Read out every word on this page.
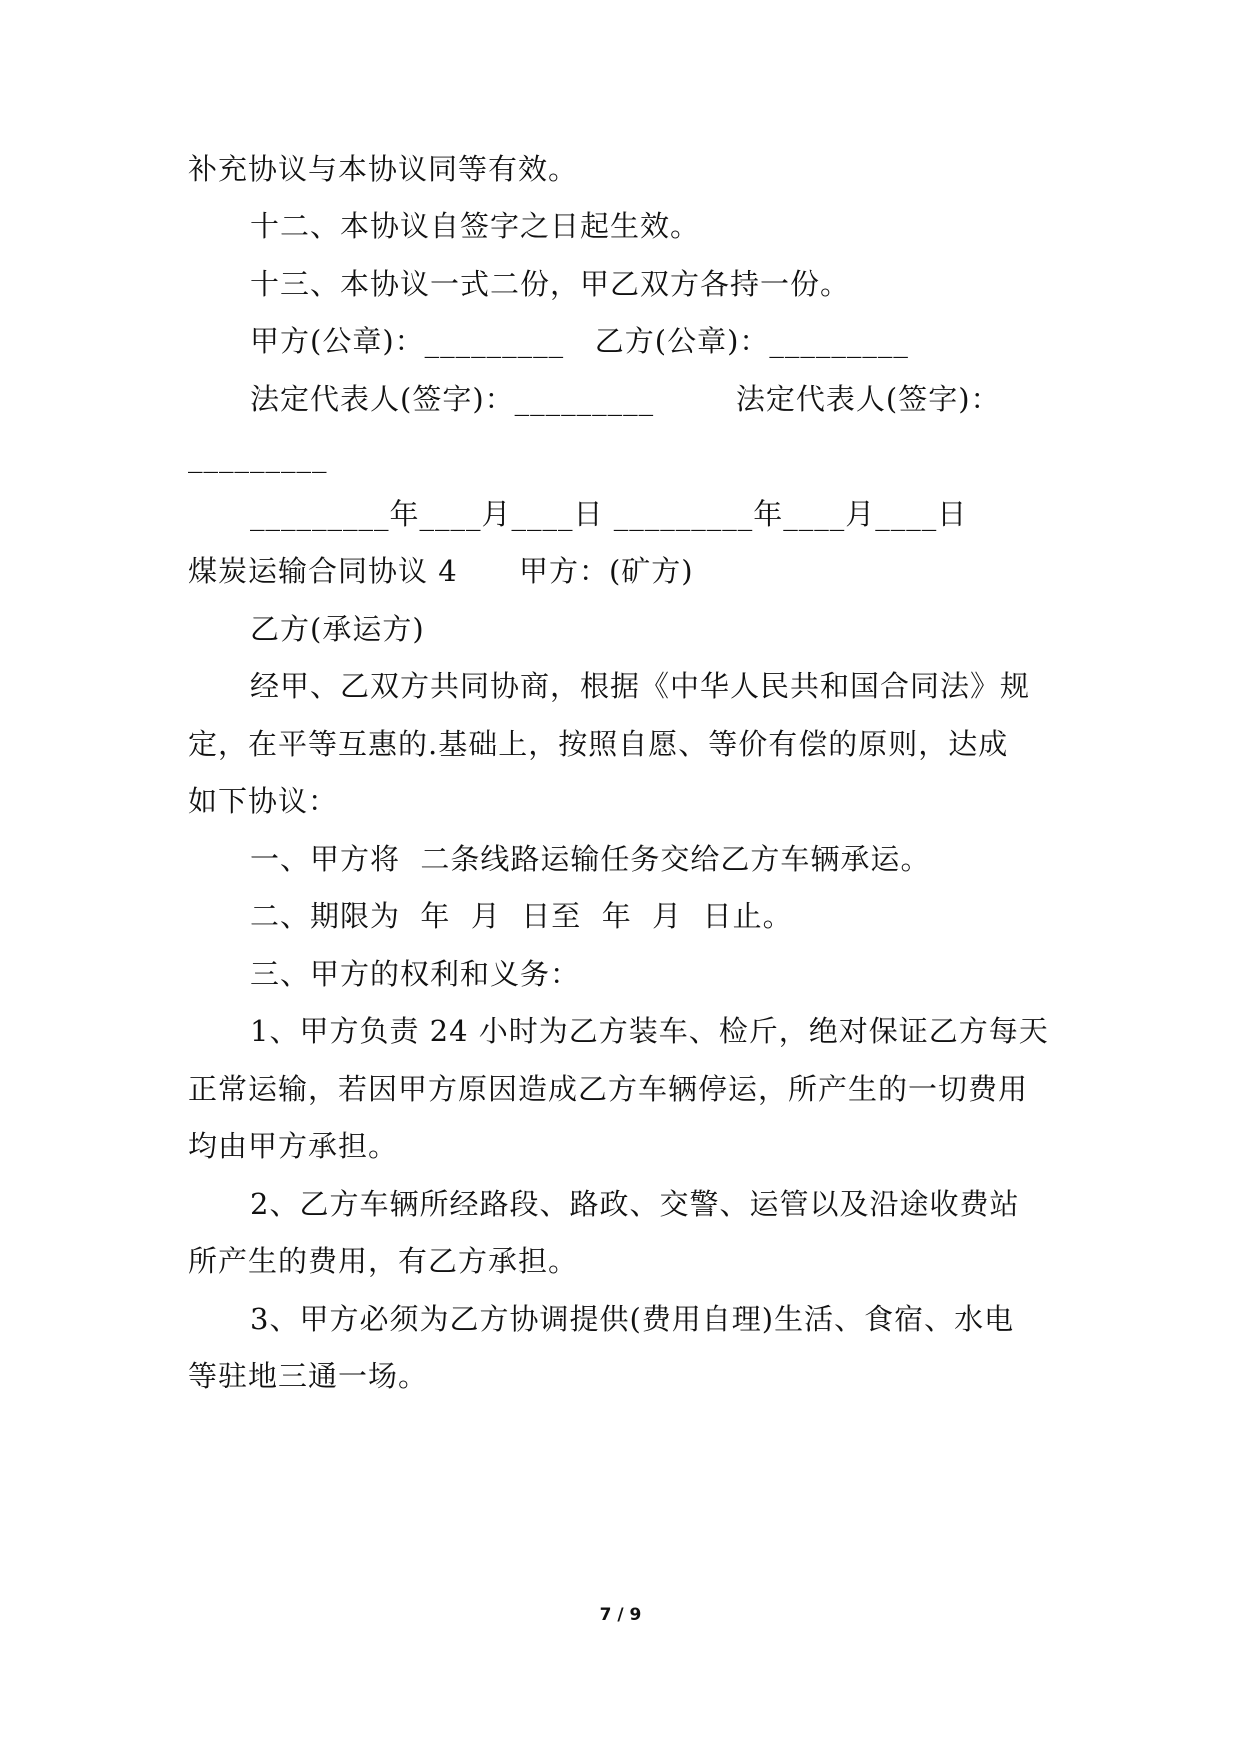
补充协议与本协议同等有效。
十二、本协议自签字之日起生效。
十三、本协议一式二份，甲乙双方各持一份。
甲方(公章)：_________   乙方(公章)：_________
法定代表人(签字)：_________        法定代表人(签字)：
_________
_________年____月____日 _________年____月____日
煤炭运输合同协议 4      甲方：(矿方)
乙方(承运方)
经甲、乙双方共同协商，根据《中华人民共和国合同法》规
定，在平等互惠的.基础上，按照自愿、等价有偿的原则，达成
如下协议：
一、甲方将  二条线路运输任务交给乙方车辆承运。
二、期限为  年  月  日至  年  月  日止。
三、甲方的权利和义务：
1、甲方负责 24 小时为乙方装车、检斤，绝对保证乙方每天
正常运输，若因甲方原因造成乙方车辆停运，所产生的一切费用
均由甲方承担。
2、乙方车辆所经路段、路政、交警、运管以及沿途收费站
所产生的费用，有乙方承担。
3、甲方必须为乙方协调提供(费用自理)生活、食宿、水电
等驻地三通一场。
7 / 9
